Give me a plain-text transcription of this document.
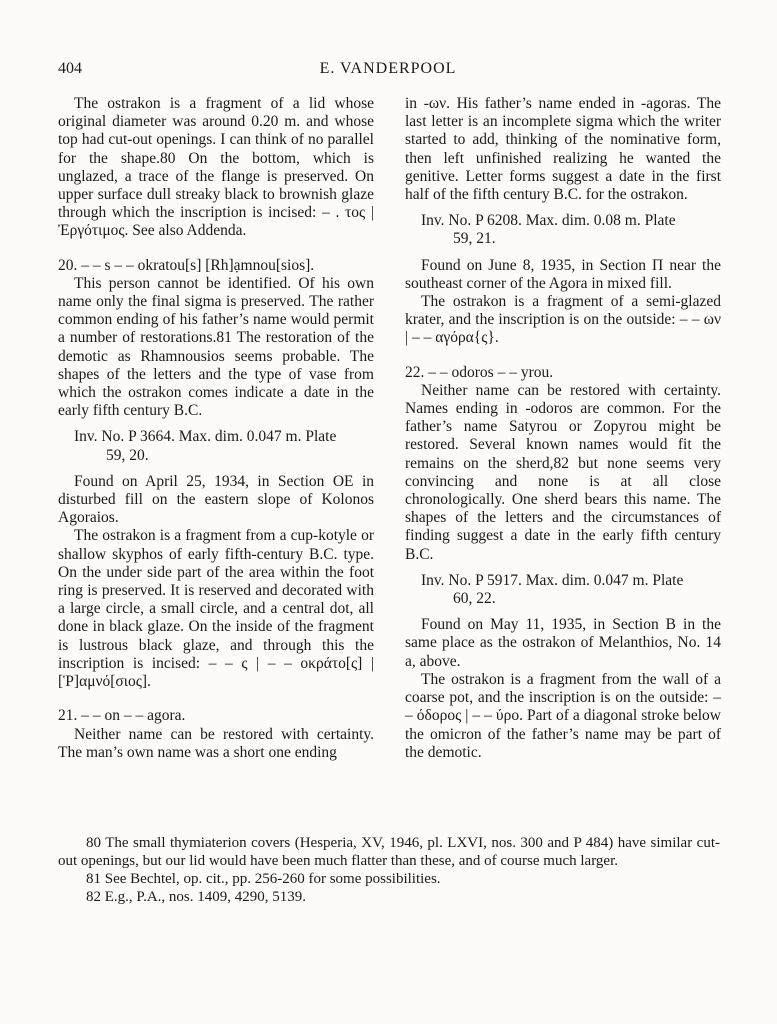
404	E. VANDERPOOL

The ostrakon is a fragment of a lid whose original diameter was around 0.20 m. and whose top had cut-out openings. I can think of no parallel for the shape.80 On the bottom, which is unglazed, a trace of the flange is preserved. On upper surface dull streaky black to brownish glaze through which the inscription is incised: – . τος | Ἐργότιμος. See also Addenda.

20. – – s – – okratou[s] [Rh]ạmnou[sios].

This person cannot be identified. Of his own name only the final sigma is preserved. The rather common ending of his father’s name would permit a number of restorations.81 The restoration of the demotic as Rhamnousios seems probable. The shapes of the letters and the type of vase from which the ostrakon comes indicate a date in the early fifth century B.C.

Inv. No. P 3664. Max. dim. 0.047 m. Plate
59, 20.

Found on April 25, 1934, in Section ΟΕ in disturbed fill on the eastern slope of Kolonos Agoraios.

The ostrakon is a fragment from a cup-kotyle or shallow skyphos of early fifth-century B.C. type. On the under side part of the area within the foot ring is preserved. It is reserved and decorated with a large circle, a small circle, and a central dot, all done in black glaze. On the inside of the fragment is lustrous black glaze, and through this the inscription is incised: – – ς | – – οκράτο[ς] | [Ῥ]αμνό[σιος].

21. – – on – – agora.

Neither name can be restored with certainty. The man’s own name was a short one ending

in -ων. His father’s name ended in -agoras. The last letter is an incomplete sigma which the writer started to add, thinking of the nominative form, then left unfinished realizing he wanted the genitive. Letter forms suggest a date in the first half of the fifth century B.C. for the ostrakon.

Inv. No. P 6208. Max. dim. 0.08 m. Plate
59, 21.

Found on June 8, 1935, in Section Π near the southeast corner of the Agora in mixed fill.

The ostrakon is a fragment of a semi-glazed krater, and the inscription is on the outside: – – ων | – – αγόρα{ς}.

22. – – odoros – – yrou.

Neither name can be restored with certainty. Names ending in -odoros are common. For the father’s name Satyrou or Zopyrou might be restored. Several known names would fit the remains on the sherd,82 but none seems very convincing and none is at all close chronologically. One sherd bears this name. The shapes of the letters and the circumstances of finding suggest a date in the early fifth century B.C.

Inv. No. P 5917. Max. dim. 0.047 m. Plate
60, 22.

Found on May 11, 1935, in Section Β in the same place as the ostrakon of Melanthios, No. 14 a, above.

The ostrakon is a fragment from the wall of a coarse pot, and the inscription is on the outside: – – όδορος | – – ύρο. Part of a diagonal stroke below the omicron of the father’s name may be part of the demotic.

80 The small thymiaterion covers (Hesperia, XV, 1946, pl. LXVI, nos. 300 and P 484) have similar cut-out openings, but our lid would have been much flatter than these, and of course much larger.

81 See Bechtel, op. cit., pp. 256-260 for some possibilities.

82 E.g., P.A., nos. 1409, 4290, 5139.
